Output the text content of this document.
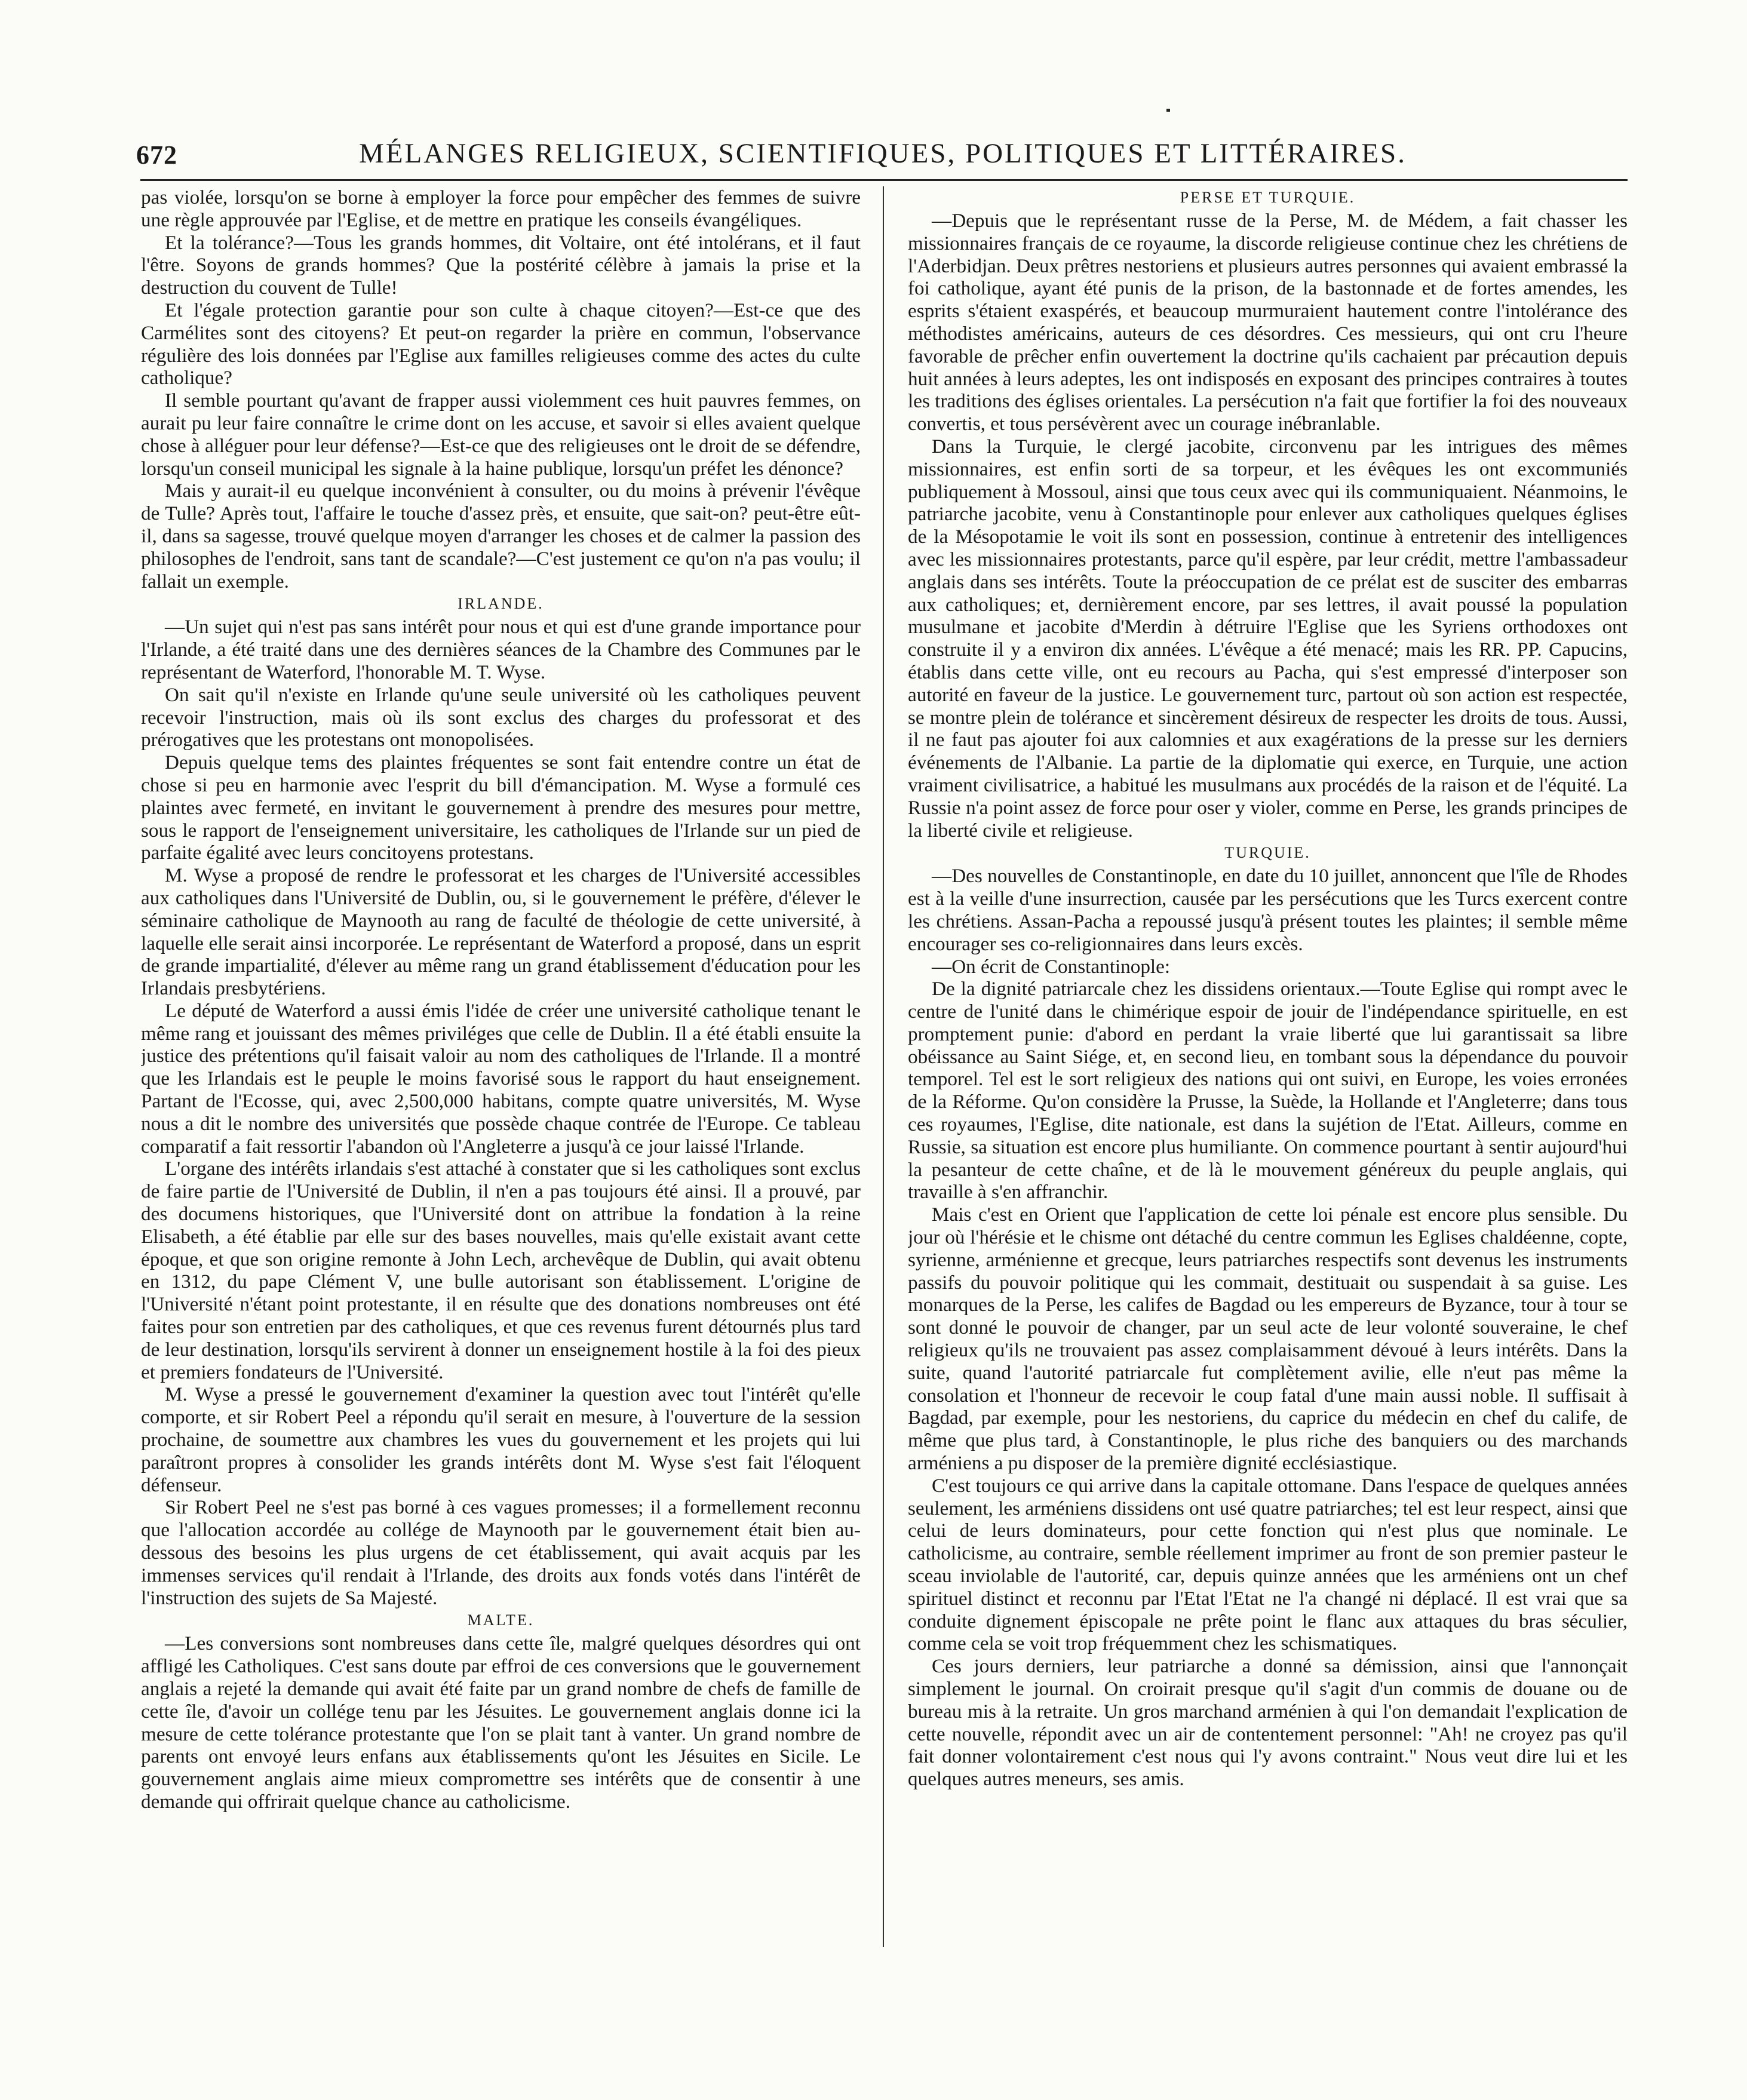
672	MÉLANGES RELIGIEUX, SCIENTIFIQUES, POLITIQUES ET LITTÉRAIRES.

pas violée, lorsqu'on se borne à employer la force pour empêcher des femmes de suivre une règle approuvée par l'Eglise, et de mettre en pratique les conseils évangéliques.

Et la tolérance?—Tous les grands hommes, dit Voltaire, ont été intolérans, et il faut l'être. Soyons de grands hommes? Que la postérité célèbre à jamais la prise et la destruction du couvent de Tulle!

Et l'égale protection garantie pour son culte à chaque citoyen?—Est-ce que des Carmélites sont des citoyens? Et peut-on regarder la prière en commun, l'observance régulière des lois données par l'Eglise aux familles religieuses comme des actes du culte catholique?

Il semble pourtant qu'avant de frapper aussi violemment ces huit pauvres femmes, on aurait pu leur faire connaître le crime dont on les accuse, et savoir si elles avaient quelque chose à alléguer pour leur défense?—Est-ce que des religieuses ont le droit de se défendre, lorsqu'un conseil municipal les signale à la haine publique, lorsqu'un préfet les dénonce?

Mais y aurait-il eu quelque inconvénient à consulter, ou du moins à prévenir l'évêque de Tulle? Après tout, l'affaire le touche d'assez près, et ensuite, que sait-on? peut-être eût-il, dans sa sagesse, trouvé quelque moyen d'arranger les choses et de calmer la passion des philosophes de l'endroit, sans tant de scandale?—C'est justement ce qu'on n'a pas voulu; il fallait un exemple.

IRLANDE.

—Un sujet qui n'est pas sans intérêt pour nous et qui est d'une grande importance pour l'Irlande, a été traité dans une des dernières séances de la Chambre des Communes par le représentant de Waterford, l'honorable M. T. Wyse.

On sait qu'il n'existe en Irlande qu'une seule université où les catholiques peuvent recevoir l'instruction, mais où ils sont exclus des charges du professorat et des prérogatives que les protestans ont monopolisées.

Depuis quelque tems des plaintes fréquentes se sont fait entendre contre un état de chose si peu en harmonie avec l'esprit du bill d'émancipation. M. Wyse a formulé ces plaintes avec fermeté, en invitant le gouvernement à prendre des mesures pour mettre, sous le rapport de l'enseignement universitaire, les catholiques de l'Irlande sur un pied de parfaite égalité avec leurs concitoyens protestans.

M. Wyse a proposé de rendre le professorat et les charges de l'Université accessibles aux catholiques dans l'Université de Dublin, ou, si le gouvernement le préfère, d'élever le séminaire catholique de Maynooth au rang de faculté de théologie de cette université, à laquelle elle serait ainsi incorporée. Le représentant de Waterford a proposé, dans un esprit de grande impartialité, d'élever au même rang un grand établissement d'éducation pour les Irlandais presbytériens.

Le député de Waterford a aussi émis l'idée de créer une université catholique tenant le même rang et jouissant des mêmes priviléges que celle de Dublin. Il a été établi ensuite la justice des prétentions qu'il faisait valoir au nom des catholiques de l'Irlande. Il a montré que les Irlandais est le peuple le moins favorisé sous le rapport du haut enseignement. Partant de l'Ecosse, qui, avec 2,500,000 habitans, compte quatre universités, M. Wyse nous a dit le nombre des universités que possède chaque contrée de l'Europe. Ce tableau comparatif a fait ressortir l'abandon où l'Angleterre a jusqu'à ce jour laissé l'Irlande.

L'organe des intérêts irlandais s'est attaché à constater que si les catholiques sont exclus de faire partie de l'Université de Dublin, il n'en a pas toujours été ainsi. Il a prouvé, par des documens historiques, que l'Université dont on attribue la fondation à la reine Elisabeth, a été établie par elle sur des bases nouvelles, mais qu'elle existait avant cette époque, et que son origine remonte à John Lech, archevêque de Dublin, qui avait obtenu en 1312, du pape Clément V, une bulle autorisant son établissement. L'origine de l'Université n'étant point protestante, il en résulte que des donations nombreuses ont été faites pour son entretien par des catholiques, et que ces revenus furent détournés plus tard de leur destination, lorsqu'ils servirent à donner un enseignement hostile à la foi des pieux et premiers fondateurs de l'Université.

M. Wyse a pressé le gouvernement d'examiner la question avec tout l'intérêt qu'elle comporte, et sir Robert Peel a répondu qu'il serait en mesure, à l'ouverture de la session prochaine, de soumettre aux chambres les vues du gouvernement et les projets qui lui paraîtront propres à consolider les grands intérêts dont M. Wyse s'est fait l'éloquent défenseur.

Sir Robert Peel ne s'est pas borné à ces vagues promesses; il a formellement reconnu que l'allocation accordée au collége de Maynooth par le gouvernement était bien au-dessous des besoins les plus urgens de cet établissement, qui avait acquis par les immenses services qu'il rendait à l'Irlande, des droits aux fonds votés dans l'intérêt de l'instruction des sujets de Sa Majesté.

MALTE.

—Les conversions sont nombreuses dans cette île, malgré quelques désordres qui ont affligé les Catholiques. C'est sans doute par effroi de ces conversions que le gouvernement anglais a rejeté la demande qui avait été faite par un grand nombre de chefs de famille de cette île, d'avoir un collége tenu par les Jésuites. Le gouvernement anglais donne ici la mesure de cette tolérance protestante que l'on se plait tant à vanter. Un grand nombre de parents ont envoyé leurs enfans aux établissements qu'ont les Jésuites en Sicile. Le gouvernement anglais aime mieux compromettre ses intérêts que de consentir à une demande qui offrirait quelque chance au catholicisme.

PERSE ET TURQUIE.

—Depuis que le représentant russe de la Perse, M. de Médem, a fait chasser les missionnaires français de ce royaume, la discorde religieuse continue chez les chrétiens de l'Aderbidjan. Deux prêtres nestoriens et plusieurs autres personnes qui avaient embrassé la foi catholique, ayant été punis de la prison, de la bastonnade et de fortes amendes, les esprits s'étaient exaspérés, et beaucoup murmuraient hautement contre l'intolérance des méthodistes américains, auteurs de ces désordres. Ces messieurs, qui ont cru l'heure favorable de prêcher enfin ouvertement la doctrine qu'ils cachaient par précaution depuis huit années à leurs adeptes, les ont indisposés en exposant des principes contraires à toutes les traditions des églises orientales. La persécution n'a fait que fortifier la foi des nouveaux convertis, et tous persévèrent avec un courage inébranlable.

Dans la Turquie, le clergé jacobite, circonvenu par les intrigues des mêmes missionnaires, est enfin sorti de sa torpeur, et les évêques les ont excommuniés publiquement à Mossoul, ainsi que tous ceux avec qui ils communiquaient. Néanmoins, le patriarche jacobite, venu à Constantinople pour enlever aux catholiques quelques églises de la Mésopotamie le voit ils sont en possession, continue à entretenir des intelligences avec les missionnaires protestants, parce qu'il espère, par leur crédit, mettre l'ambassadeur anglais dans ses intérêts. Toute la préoccupation de ce prélat est de susciter des embarras aux catholiques; et, dernièrement encore, par ses lettres, il avait poussé la population musulmane et jacobite d'Merdin à détruire l'Eglise que les Syriens orthodoxes ont construite il y a environ dix années. L'évêque a été menacé; mais les RR. PP. Capucins, établis dans cette ville, ont eu recours au Pacha, qui s'est empressé d'interposer son autorité en faveur de la justice. Le gouvernement turc, partout où son action est respectée, se montre plein de tolérance et sincèrement désireux de respecter les droits de tous. Aussi, il ne faut pas ajouter foi aux calomnies et aux exagérations de la presse sur les derniers événements de l'Albanie. La partie de la diplomatie qui exerce, en Turquie, une action vraiment civilisatrice, a habitué les musulmans aux procédés de la raison et de l'équité. La Russie n'a point assez de force pour oser y violer, comme en Perse, les grands principes de la liberté civile et religieuse.

TURQUIE.

—Des nouvelles de Constantinople, en date du 10 juillet, annoncent que l'île de Rhodes est à la veille d'une insurrection, causée par les persécutions que les Turcs exercent contre les chrétiens. Assan-Pacha a repoussé jusqu'à présent toutes les plaintes; il semble même encourager ses co-religionnaires dans leurs excès.

—On écrit de Constantinople:

De la dignité patriarcale chez les dissidens orientaux.—Toute Eglise qui rompt avec le centre de l'unité dans le chimérique espoir de jouir de l'indépendance spirituelle, en est promptement punie: d'abord en perdant la vraie liberté que lui garantissait sa libre obéissance au Saint Siége, et, en second lieu, en tombant sous la dépendance du pouvoir temporel. Tel est le sort religieux des nations qui ont suivi, en Europe, les voies erronées de la Réforme. Qu'on considère la Prusse, la Suède, la Hollande et l'Angleterre; dans tous ces royaumes, l'Eglise, dite nationale, est dans la sujétion de l'Etat. Ailleurs, comme en Russie, sa situation est encore plus humiliante. On commence pourtant à sentir aujourd'hui la pesanteur de cette chaîne, et de là le mouvement généreux du peuple anglais, qui travaille à s'en affranchir.

Mais c'est en Orient que l'application de cette loi pénale est encore plus sensible. Du jour où l'hérésie et le chisme ont détaché du centre commun les Eglises chaldéenne, copte, syrienne, arménienne et grecque, leurs patriarches respectifs sont devenus les instruments passifs du pouvoir politique qui les commait, destituait ou suspendait à sa guise. Les monarques de la Perse, les califes de Bagdad ou les empereurs de Byzance, tour à tour se sont donné le pouvoir de changer, par un seul acte de leur volonté souveraine, le chef religieux qu'ils ne trouvaient pas assez complaisamment dévoué à leurs intérêts. Dans la suite, quand l'autorité patriarcale fut complètement avilie, elle n'eut pas même la consolation et l'honneur de recevoir le coup fatal d'une main aussi noble. Il suffisait à Bagdad, par exemple, pour les nestoriens, du caprice du médecin en chef du calife, de même que plus tard, à Constantinople, le plus riche des banquiers ou des marchands arméniens a pu disposer de la première dignité ecclésiastique.

C'est toujours ce qui arrive dans la capitale ottomane. Dans l'espace de quelques années seulement, les arméniens dissidens ont usé quatre patriarches; tel est leur respect, ainsi que celui de leurs dominateurs, pour cette fonction qui n'est plus que nominale. Le catholicisme, au contraire, semble réellement imprimer au front de son premier pasteur le sceau inviolable de l'autorité, car, depuis quinze années que les arméniens ont un chef spirituel distinct et reconnu par l'Etat l'Etat ne l'a changé ni déplacé. Il est vrai que sa conduite dignement épiscopale ne prête point le flanc aux attaques du bras séculier, comme cela se voit trop fréquemment chez les schismatiques.

Ces jours derniers, leur patriarche a donné sa démission, ainsi que l'annonçait simplement le journal. On croirait presque qu'il s'agit d'un commis de douane ou de bureau mis à la retraite. Un gros marchand arménien à qui l'on demandait l'explication de cette nouvelle, répondit avec un air de contentement personnel: "Ah! ne croyez pas qu'il fait donner volontairement c'est nous qui l'y avons contraint." Nous veut dire lui et les quelques autres meneurs, ses amis.
